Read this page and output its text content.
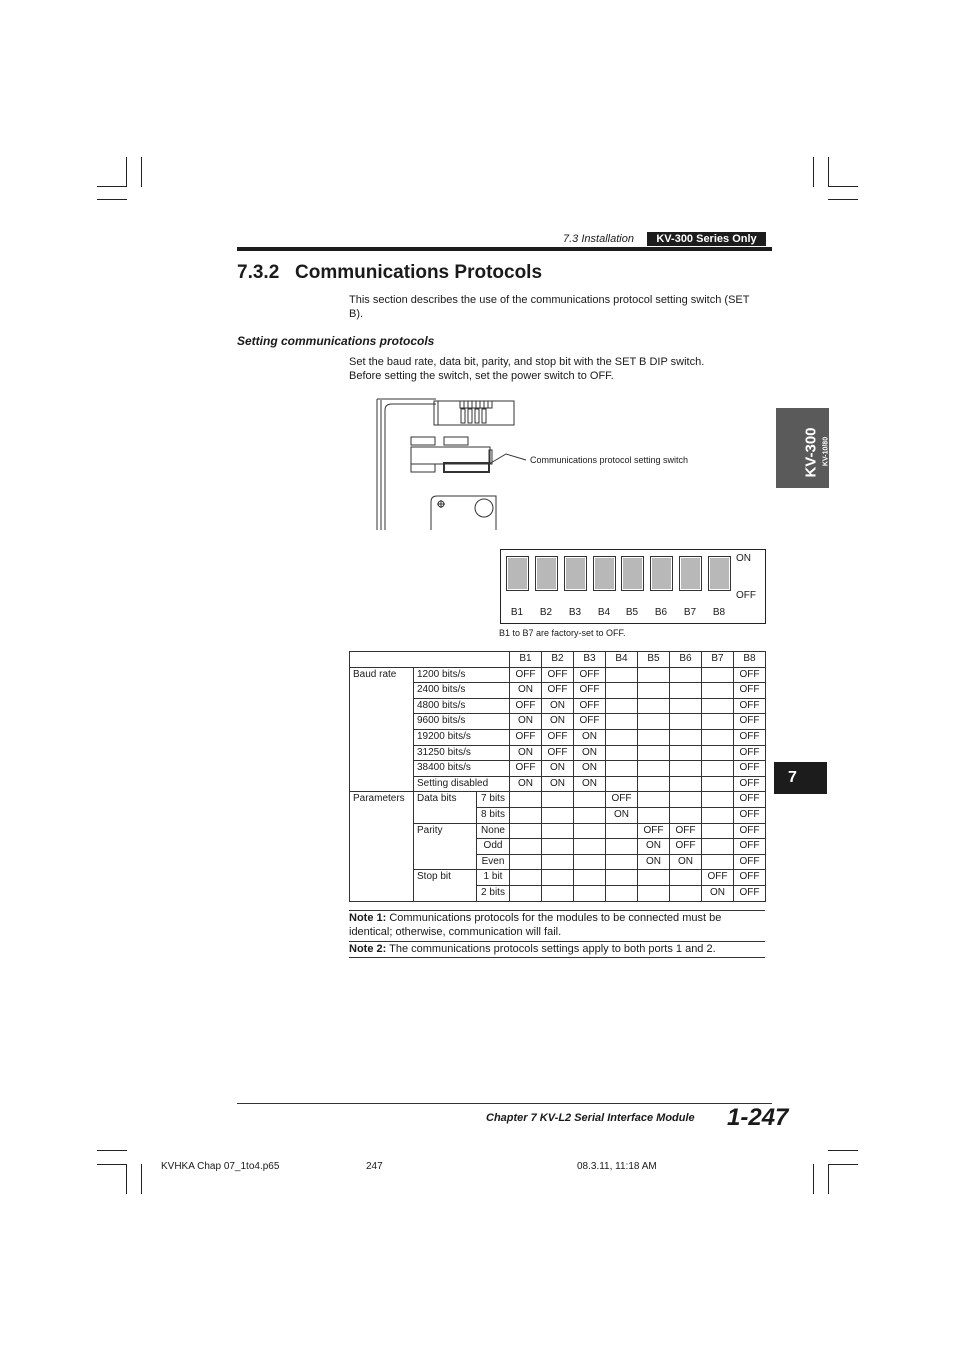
7.3 Installation	KV-300 Series Only
7.3.2 Communications Protocols
This section describes the use of the communications protocol setting switch (SET B).
Setting communications protocols
Set the baud rate, data bit, parity, and stop bit with the SET B DIP switch.
Before setting the switch, set the power switch to OFF.
KV-300 KV-10/80
7
Communications protocol setting switch
B1	B2	B3	B4	B5	B6	B7	B8
ON
OFF
B1 to B7 are factory-set to OFF.
			B1	B2	B3	B4	B5	B6	B7	B8
Baud rate	1200 bits/s		OFF	OFF	OFF					OFF
	2400 bits/s		ON	OFF	OFF					OFF
	4800 bits/s		OFF	ON	OFF					OFF
	9600 bits/s		ON	ON	OFF					OFF
	19200 bits/s		OFF	OFF	ON					OFF
	31250 bits/s		ON	OFF	ON					OFF
	38400 bits/s		OFF	ON	ON					OFF
	Setting disabled		ON	ON	ON					OFF
Parameters	Data bits	7 bits				OFF				OFF
		8 bits				ON				OFF
	Parity	None					OFF	OFF		OFF
		Odd					ON	OFF		OFF
		Even					ON	ON		OFF
	Stop bit	1 bit							OFF	OFF
		2 bits							ON	OFF
Note 1: Communications protocols for the modules to be connected must be identical; otherwise, communication will fail.
Note 2: The communications protocols settings apply to both ports 1 and 2.
Chapter 7 KV-L2 Serial Interface Module 1-247
KVHKA Chap 07_1to4.p65	247	08.3.11, 11:18 AM
